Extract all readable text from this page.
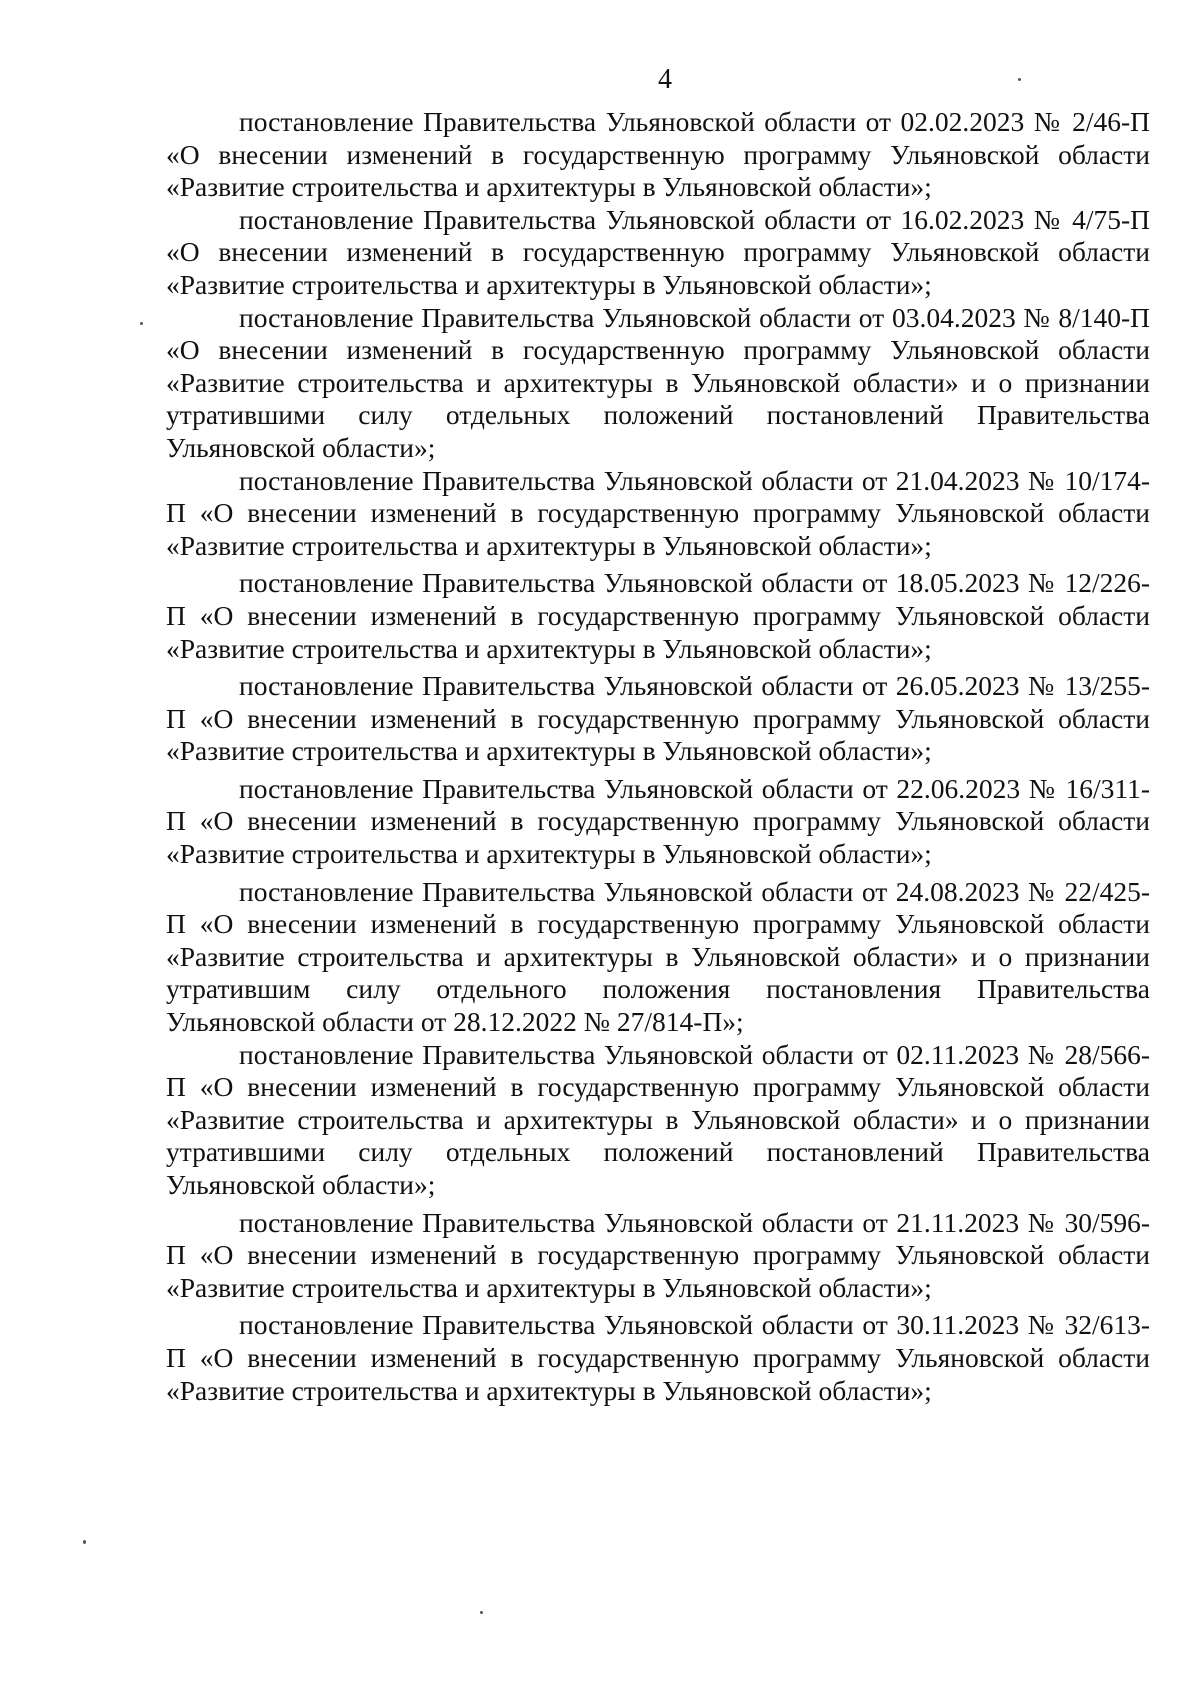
4

постановление Правительства Ульяновской области от 02.02.2023 № 2/46-П «О внесении изменений в государственную программу Ульяновской области «Развитие строительства и архитектуры в Ульяновской области»;

постановление Правительства Ульяновской области от 16.02.2023 № 4/75-П «О внесении изменений в государственную программу Ульяновской области «Развитие строительства и архитектуры в Ульяновской области»;

постановление Правительства Ульяновской области от 03.04.2023 № 8/140-П «О внесении изменений в государственную программу Ульяновской области «Развитие строительства и архитектуры в Ульяновской области» и о признании утратившими силу отдельных положений постановлений Правительства Ульяновской области»;

постановление Правительства Ульяновской области от 21.04.2023 № 10/174-П «О внесении изменений в государственную программу Ульяновской области «Развитие строительства и архитектуры в Ульяновской области»;

постановление Правительства Ульяновской области от 18.05.2023 № 12/226-П «О внесении изменений в государственную программу Ульяновской области «Развитие строительства и архитектуры в Ульяновской области»;

постановление Правительства Ульяновской области от 26.05.2023 № 13/255-П «О внесении изменений в государственную программу Ульяновской области «Развитие строительства и архитектуры в Ульяновской области»;

постановление Правительства Ульяновской области от 22.06.2023 № 16/311-П «О внесении изменений в государственную программу Ульяновской области «Развитие строительства и архитектуры в Ульяновской области»;

постановление Правительства Ульяновской области от 24.08.2023 № 22/425-П «О внесении изменений в государственную программу Ульяновской области «Развитие строительства и архитектуры в Ульяновской области» и о признании утратившим силу отдельного положения постановления Правительства Ульяновской области от 28.12.2022 № 27/814-П»;

постановление Правительства Ульяновской области от 02.11.2023 № 28/566-П «О внесении изменений в государственную программу Ульяновской области «Развитие строительства и архитектуры в Ульяновской области» и о признании утратившими силу отдельных положений постановлений Правительства Ульяновской области»;

постановление Правительства Ульяновской области от 21.11.2023 № 30/596-П «О внесении изменений в государственную программу Ульяновской области «Развитие строительства и архитектуры в Ульяновской области»;

постановление Правительства Ульяновской области от 30.11.2023 № 32/613-П «О внесении изменений в государственную программу Ульяновской области «Развитие строительства и архитектуры в Ульяновской области»;
